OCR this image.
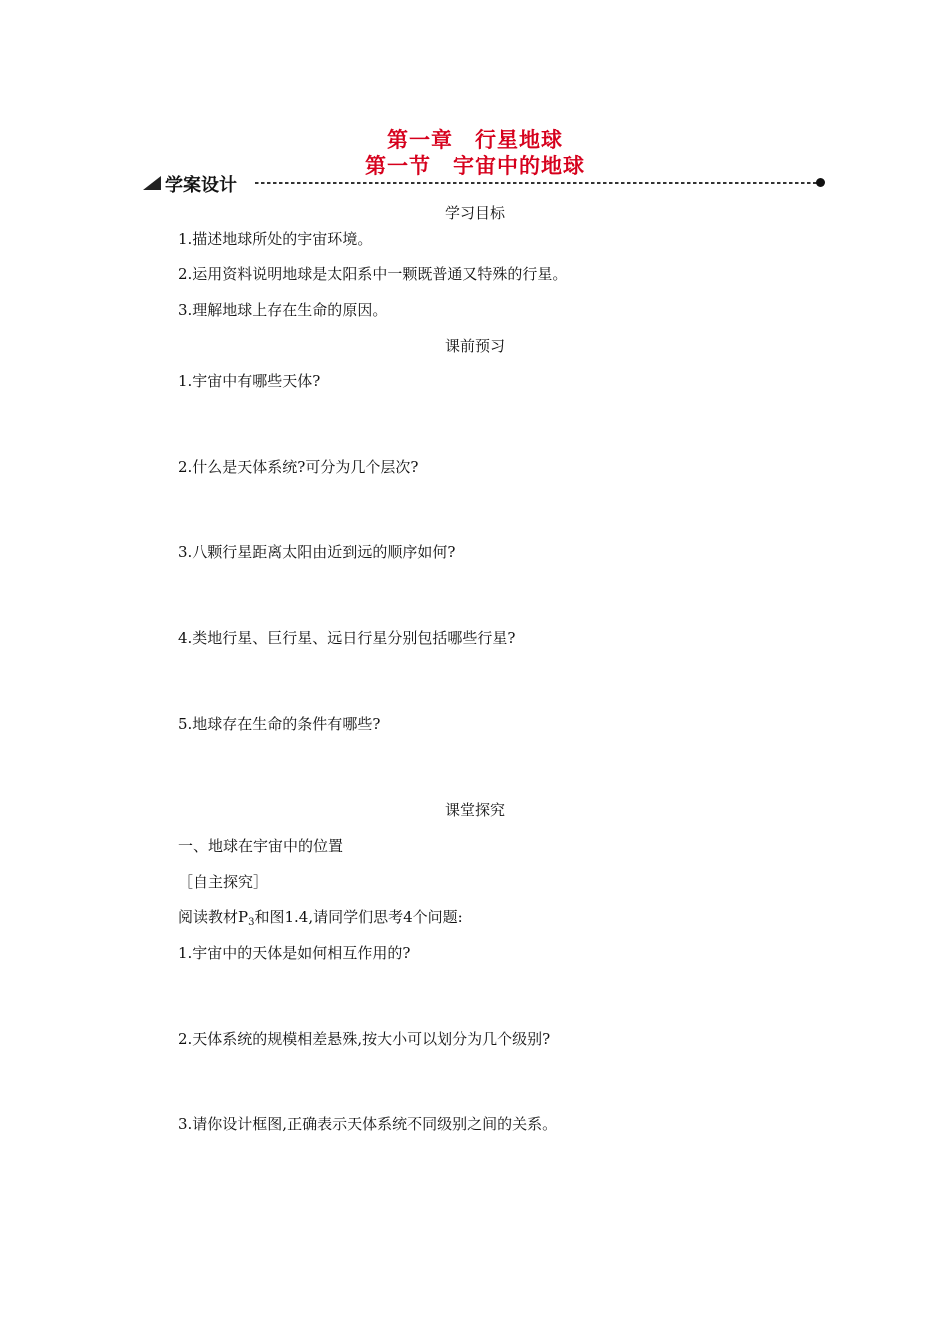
第一章　行星地球
第一节　宇宙中的地球
学案设计
学习目标
1.描述地球所处的宇宙环境。
2.运用资料说明地球是太阳系中一颗既普通又特殊的行星。
3.理解地球上存在生命的原因。
课前预习
1.宇宙中有哪些天体?
2.什么是天体系统?可分为几个层次?
3.八颗行星距离太阳由近到远的顺序如何?
4.类地行星、巨行星、远日行星分别包括哪些行星?
5.地球存在生命的条件有哪些?
课堂探究
一、地球在宇宙中的位置
［自主探究］
阅读教材$P_3$和图1.4,请同学们思考4个问题:
1.宇宙中的天体是如何相互作用的?
2.天体系统的规模相差悬殊,按大小可以划分为几个级别?
3.请你设计框图,正确表示天体系统不同级别之间的关系。
